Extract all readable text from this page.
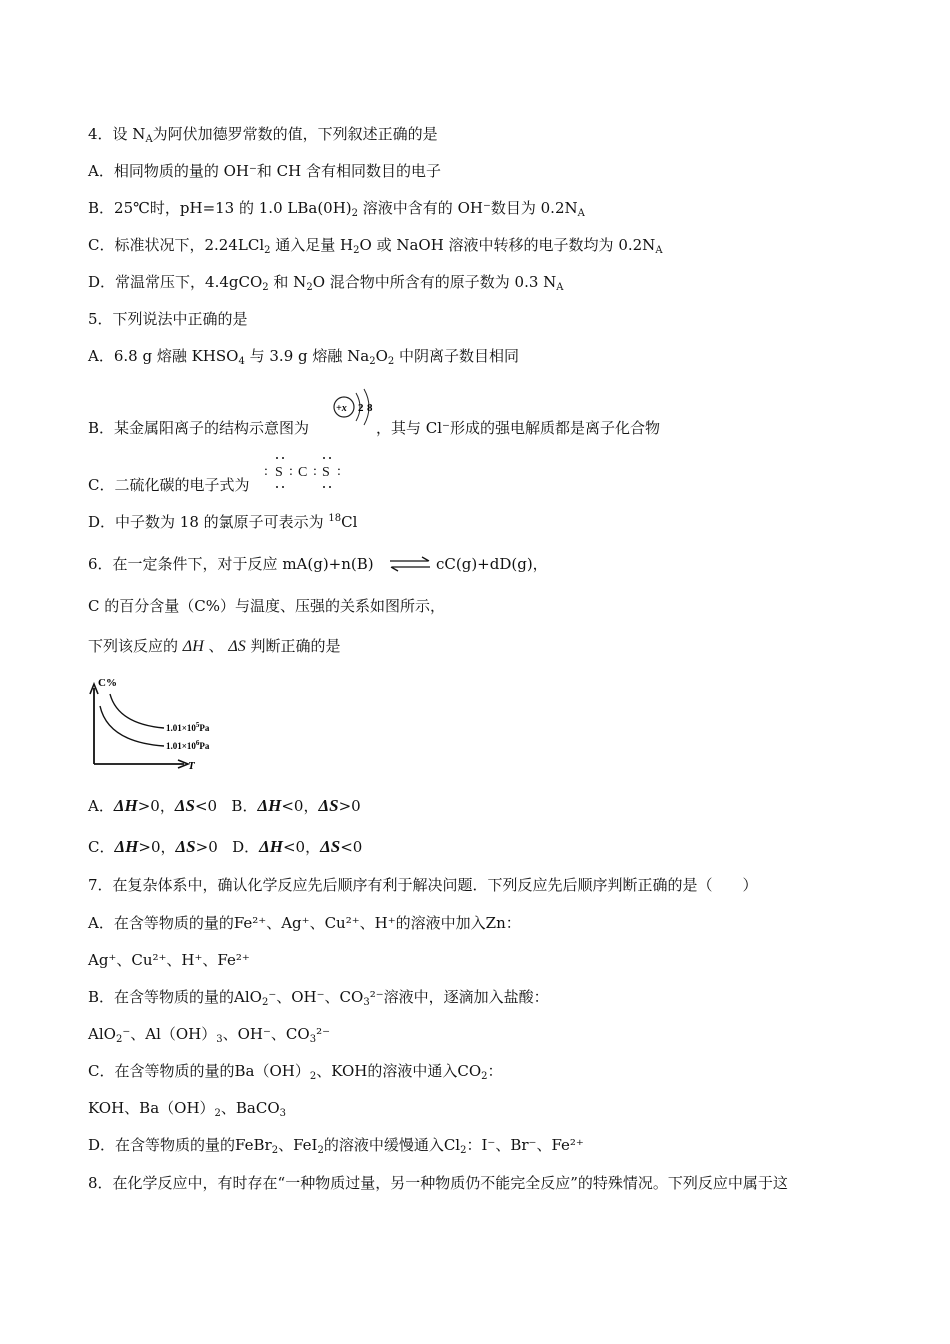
4．设 $N_A$为阿伏加德罗常数的值，下列叙述正确的是
A．相同物质的量的 OH⁻和 CH 含有相同数目的电子
B．25℃时，pH=13 的 1.0 $LBa(0H)_2$ 溶液中含有的 OH⁻数目为 $0.2N_A$
C．标准状况下，2.24LCl$_2$ 通入足量 $H_2O$ 或 NaOH 溶液中转移的电子数均为 $0.2N_A$
D．常温常压下，4.4gCO$_2$ 和 $N_2O$ 混合物中所含有的原子数为 0.3 $N_A$
5．下列说法中正确的是
A．6.8 g 熔融 $KHSO_4$ 与 3.9 g 熔融 $Na_2O_2$ 中阴离子数目相同
B．某金属阳离子的结构示意图为
+x 2 8
，其与 Cl⁻形成的强电解质都是离子化合物
C．二硫化碳的电子式为
: S : C : S :
D．中子数为 18 的氯原子可表示为 $^{18}$Cl
6．在一定条件下，对于反应 mA(g)+n(B) ⇌ cC(g)+dD(g)，
C 的百分含量（C%）与温度、压强的关系如图所示，
下列该反应的 ΔH 、 ΔS 判断正确的是
C%
T
$1.01\times 10^5Pa$
$1.01\times 10^6Pa$
A．ΔH>0，ΔS<0 B．ΔH<0，ΔS>0
C．ΔH>0，ΔS>0 D．ΔH<0，ΔS<0
7．在复杂体系中，确认化学反应先后顺序有利于解决问题．下列反应先后顺序判断正确的是（　　）
A．在含等物质的量的Fe²⁺、Ag⁺、Cu²⁺、H⁺的溶液中加入Zn：
Ag⁺、Cu²⁺、H⁺、Fe²⁺
B．在含等物质的量的AlO$_2$⁻、OH⁻、$CO_3^{2-}$溶液中，逐滴加入盐酸：
AlO$_2$⁻、$Al(OH)_3$、OH⁻、$CO_3^{2-}$
C．在含等物质的量的$Ba(OH)_2$、KOH的溶液中通入$CO_2$：
KOH、$Ba(OH)_2$、BaCO$_3$
D．在含等物质的量的FeBr$_2$、FeI$_2$的溶液中缓慢通入$Cl_2$：I⁻、Br⁻、Fe²⁺
8．在化学反应中，有时存在“一种物质过量，另一种物质仍不能完全反应”的特殊情况。下列反应中属于这
